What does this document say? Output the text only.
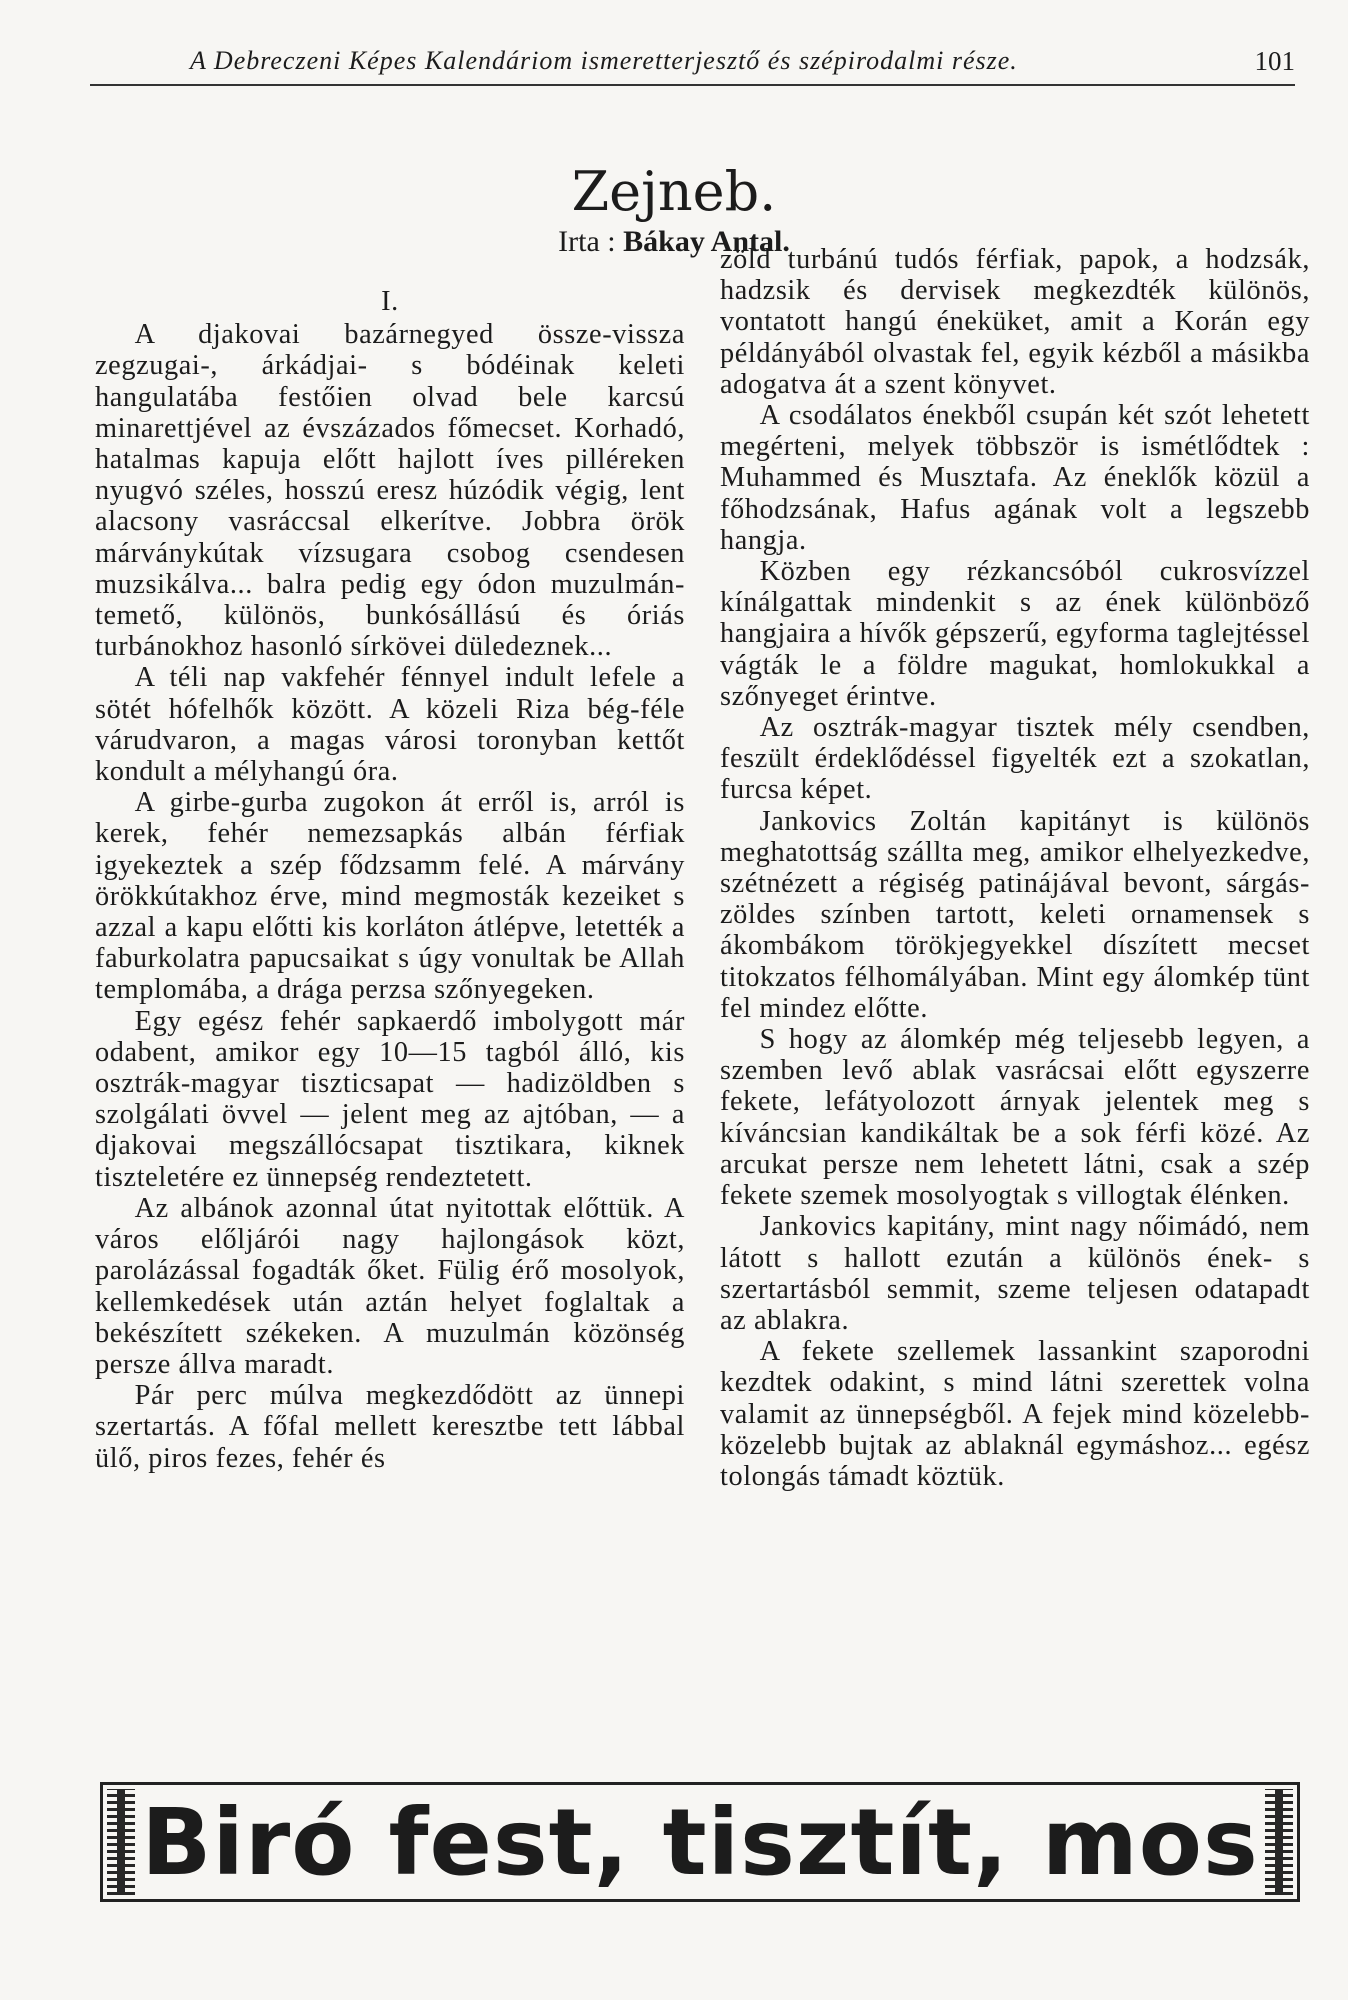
A Debreczeni Képes Kalendáriom ismeretterjesztő és szépirodalmi része.	101
Zejneb.
Irta : Bákay Antal.
I.

A djakovai bazárnegyed össze-vissza zegzugai-, árkádjai- s bódéinak keleti hangulatába festőien olvad bele karcsú minarettjével az évszázados főmecset. Korhadó, hatalmas kapuja előtt hajlott íves pilléreken nyugvó széles, hosszú eresz húzódik végig, lent alacsony vasráccsal elkerítve. Jobbra örök márványkútak vízsugara csobog csendesen muzsikálva... balra pedig egy ódon muzulmán-temető, különös, bunkósállású és óriás turbánokhoz hasonló sírkövei düledeznek...

A téli nap vakfehér fénnyel indult lefele a sötét hófelhők között. A közeli Riza bég-féle várudvaron, a magas városi toronyban kettőt kondult a mélyhangú óra.

A girbe-gurba zugokon át erről is, arról is kerek, fehér nemezsapkás albán férfiak igyekeztek a szép fődzsamm felé. A márvány örökkútakhoz érve, mind megmosták kezeiket s azzal a kapu előtti kis korláton átlépve, letették a faburkolatra papucsaikat s úgy vonultak be Allah templomába, a drága perzsa szőnyegeken.

Egy egész fehér sapkaerdő imbolygott már odabent, amikor egy 10—15 tagból álló, kis osztrák-magyar tiszticsapat — hadizöldben s szolgálati övvel — jelent meg az ajtóban, — a djakovai megszállócsapat tisztikara, kiknek tiszteletére ez ünnepség rendeztetett.

Az albánok azonnal útat nyitottak előttük. A város előljárói nagy hajlongások közt, parolázással fogadták őket. Fülig érő mosolyok, kellemkedések után aztán helyet foglaltak a bekészített székeken. A muzulmán közönség persze állva maradt.

Pár perc múlva megkezdődött az ünnepi szertartás. A főfal mellett keresztbe tett lábbal ülő, piros fezes, fehér és

zöld turbánú tudós férfiak, papok, a hodzsák, hadzsik és dervisek megkezdték különös, vontatott hangú éneküket, amit a Korán egy példányából olvastak fel, egyik kézből a másikba adogatva át a szent könyvet.

A csodálatos énekből csupán két szót lehetett megérteni, melyek többször is ismétlődtek : Muhammed és Musztafa. Az éneklők közül a főhodzsának, Hafus agának volt a legszebb hangja.

Közben egy rézkancsóból cukrosvízzel kínálgattak mindenkit s az ének különböző hangjaira a hívők gépszerű, egyforma taglejtéssel vágták le a földre magukat, homlokukkal a szőnyeget érintve.

Az osztrák-magyar tisztek mély csendben, feszült érdeklődéssel figyelték ezt a szokatlan, furcsa képet.

Jankovics Zoltán kapitányt is különös meghatottság szállta meg, amikor elhelyezkedve, szétnézett a régiség patinájával bevont, sárgás-zöldes színben tartott, keleti ornamensek s ákombákom törökjegyekkel díszített mecset titokzatos félhomályában. Mint egy álomkép tünt fel mindez előtte.

S hogy az álomkép még teljesebb legyen, a szemben levő ablak vasrácsai előtt egyszerre fekete, lefátyolozott árnyak jelentek meg s kíváncsian kandikáltak be a sok férfi közé. Az arcukat persze nem lehetett látni, csak a szép fekete szemek mosolyogtak s villogtak élénken.

Jankovics kapitány, mint nagy nőimádó, nem látott s hallott ezután a különös ének- s szertartásból semmit, szeme teljesen odatapadt az ablakra.

A fekete szellemek lassankint szaporodni kezdtek odakint, s mind látni szerettek volna valamit az ünnepségből. A fejek mind közelebb-közelebb bujtak az ablaknál egymáshoz... egész tolongás támadt köztük.

Biró fest, tisztít, mos
